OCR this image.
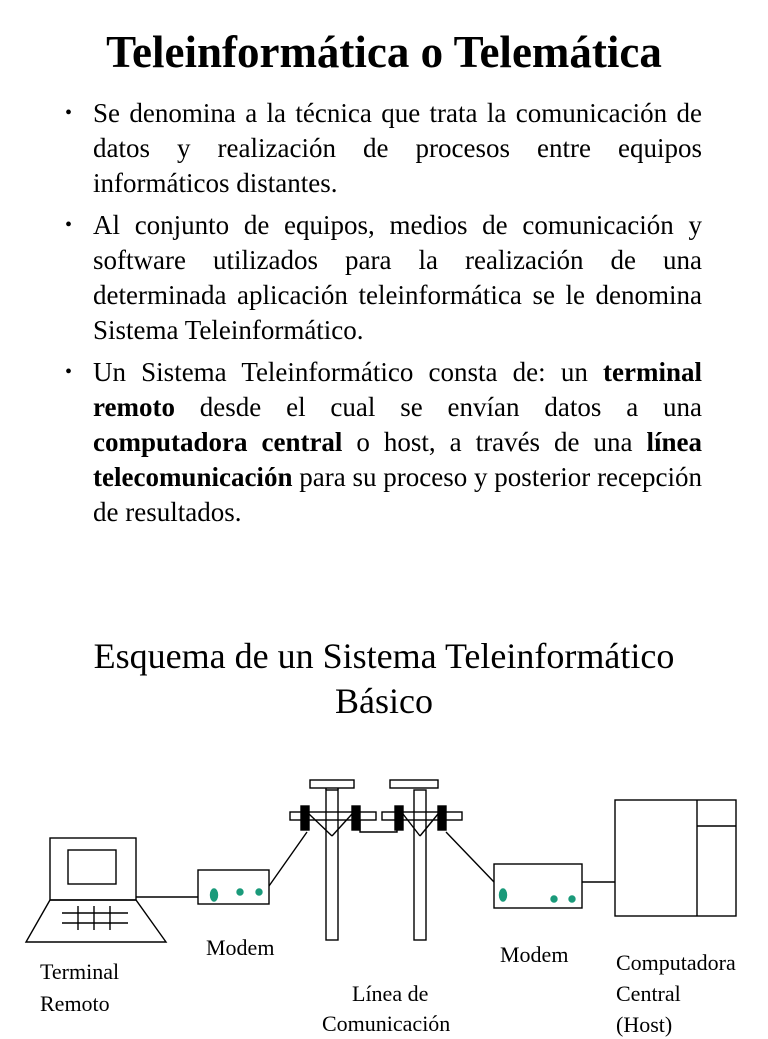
Teleinformática o Telemática
• Se denomina a la técnica que trata la comunicación de datos y realización de procesos entre equipos informáticos distantes.
• Al conjunto de equipos, medios de comunicación y software utilizados para la realización de una determinada aplicación teleinformática se le denomina Sistema Teleinformático.
• Un Sistema Teleinformático consta de: un terminal remoto desde el cual se envían datos a una computadora central o host, a través de una línea telecomunicación para su proceso y posterior recepción de resultados.
Esquema de un Sistema Teleinformático
Básico
Terminal
Remoto
Modem
Línea de
Comunicación
Modem Computadora
Central
(Host)
